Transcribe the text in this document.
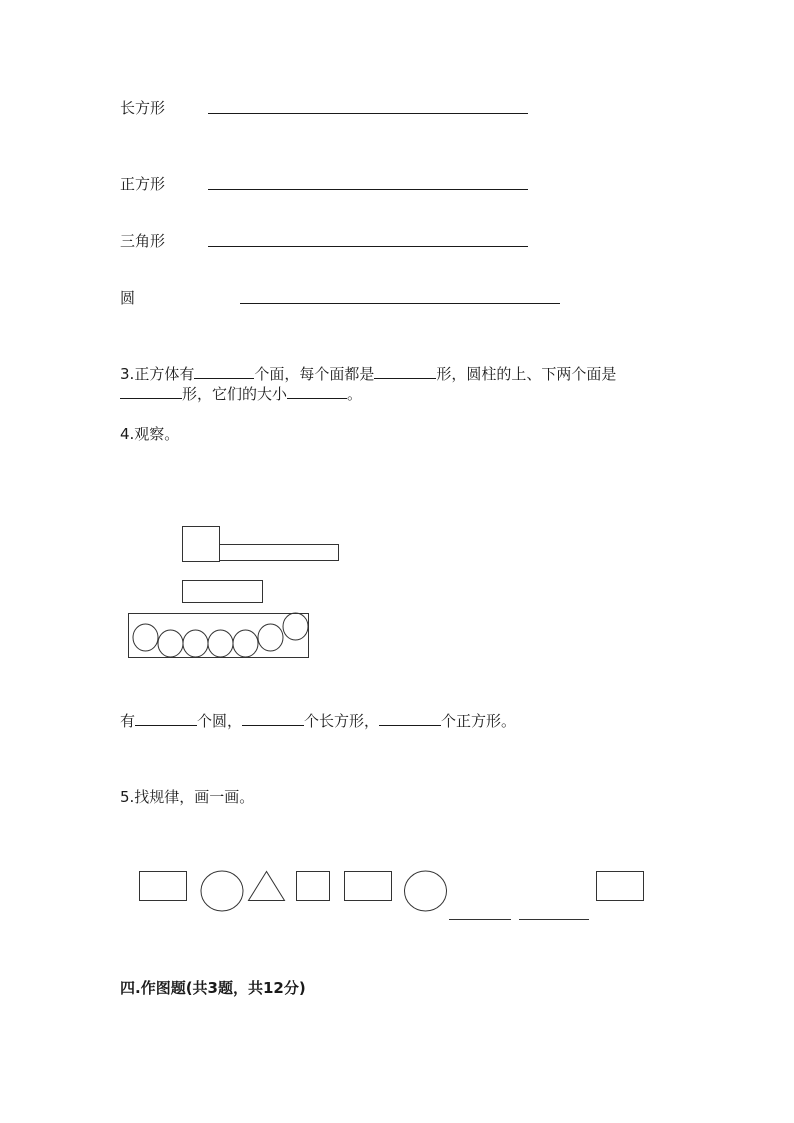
长方形
正方形
三角形
圆
3.正方体有	个面，每个面都是	形，圆柱的上、下两个面是
形，它们的大小	。
4.观察。
有	个圆，	个长方形，	个正方形。
5.找规律，画一画。
四.作图题(共3题，共12分)
